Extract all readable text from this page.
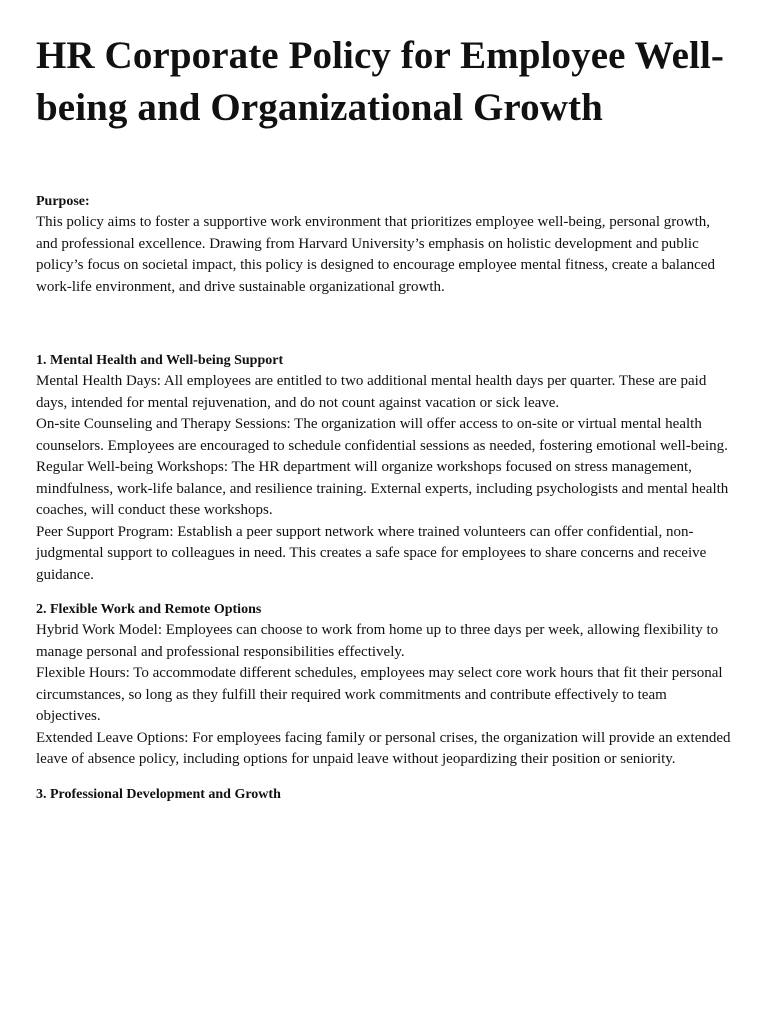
HR Corporate Policy for Employee Well-being and Organizational Growth

Purpose:

This policy aims to foster a supportive work environment that prioritizes employee well-being, personal growth, and professional excellence. Drawing from Harvard University’s emphasis on holistic development and public policy’s focus on societal impact, this policy is designed to encourage employee mental fitness, create a balanced work-life environment, and drive sustainable organizational growth.

1. Mental Health and Well-being Support

Mental Health Days: All employees are entitled to two additional mental health days per quarter. These are paid days, intended for mental rejuvenation, and do not count against vacation or sick leave.

On-site Counseling and Therapy Sessions: The organization will offer access to on-site or virtual mental health counselors. Employees are encouraged to schedule confidential sessions as needed, fostering emotional well-being.

Regular Well-being Workshops: The HR department will organize workshops focused on stress management, mindfulness, work-life balance, and resilience training. External experts, including psychologists and mental health coaches, will conduct these workshops.

Peer Support Program: Establish a peer support network where trained volunteers can offer confidential, non-judgmental support to colleagues in need. This creates a safe space for employees to share concerns and receive guidance.

2. Flexible Work and Remote Options

Hybrid Work Model: Employees can choose to work from home up to three days per week, allowing flexibility to manage personal and professional responsibilities effectively.

Flexible Hours: To accommodate different schedules, employees may select core work hours that fit their personal circumstances, so long as they fulfill their required work commitments and contribute effectively to team objectives.

Extended Leave Options: For employees facing family or personal crises, the organization will provide an extended leave of absence policy, including options for unpaid leave without jeopardizing their position or seniority.

3. Professional Development and Growth
